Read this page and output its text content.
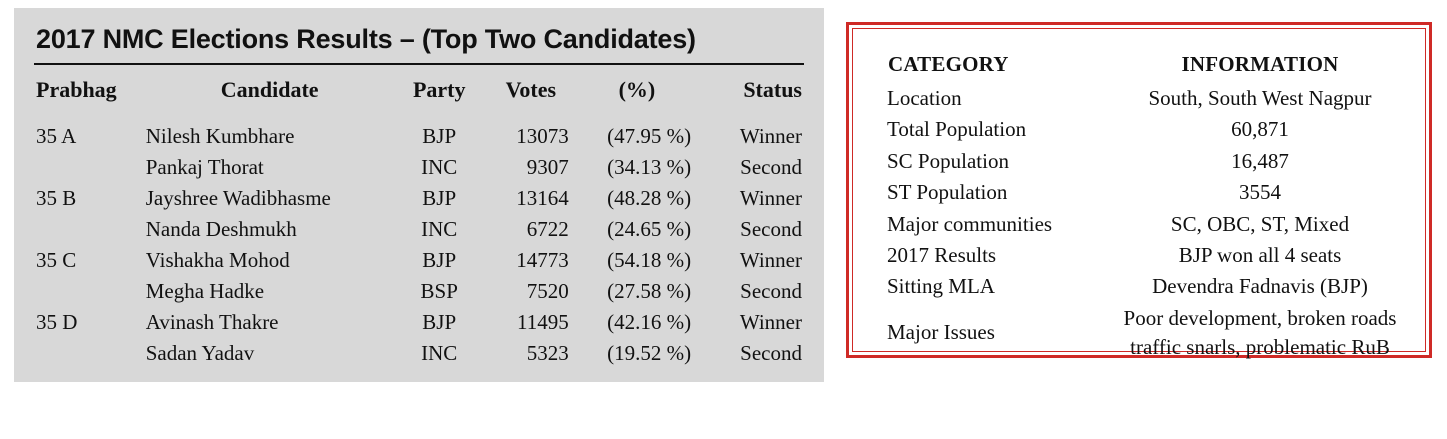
2017 NMC Elections Results – (Top Two Candidates)
Prabhag	Candidate	Party	Votes	(%)	Status
35 A	Nilesh Kumbhare	BJP	13073	(47.95 %)	Winner
	Pankaj Thorat	INC	9307	(34.13 %)	Second
35 B	Jayshree Wadibhasme	BJP	13164	(48.28 %)	Winner
	Nanda Deshmukh	INC	6722	(24.65 %)	Second
35 C	Vishakha Mohod	BJP	14773	(54.18 %)	Winner
	Megha Hadke	BSP	7520	(27.58 %)	Second
35 D	Avinash Thakre	BJP	11495	(42.16 %)	Winner
	Sadan Yadav	INC	5323	(19.52 %)	Second
CATEGORY	INFORMATION
Location	South, South West Nagpur
Total Population	60,871
SC Population	16,487
ST Population	3554
Major communities	SC, OBC, ST, Mixed
2017 Results	BJP won all 4 seats
Sitting MLA	Devendra Fadnavis (BJP)
Major Issues	Poor development, broken roads
traffic snarls, problematic RuB
